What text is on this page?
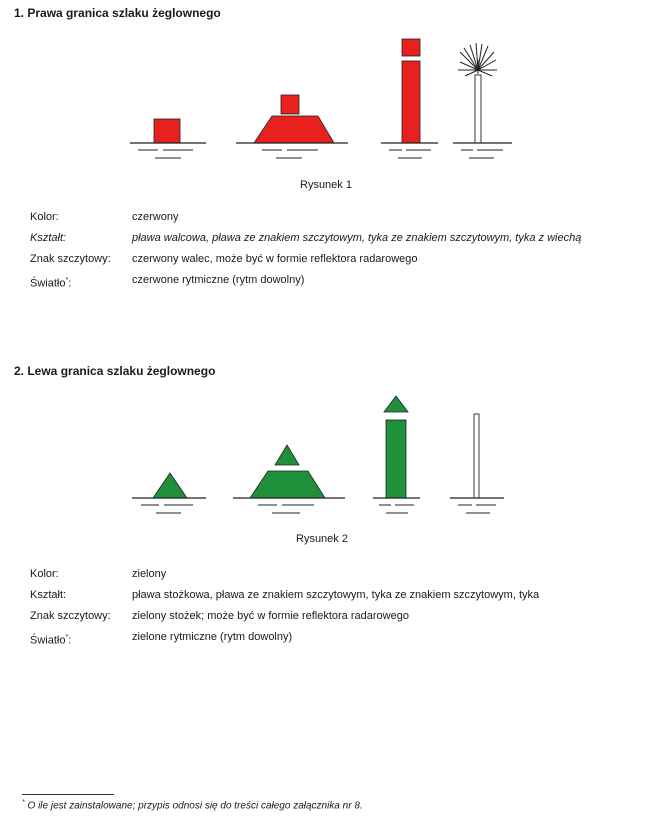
1. Prawa granica szlaku żeglownego
Rysunek 1
Kolor:	czerwony
Kształt:	pława walcowa, pława ze znakiem szczytowym, tyka ze znakiem szczytowym, tyka z wiechą
Znak szczytowy:	czerwony walec, może być w formie reflektora radarowego
Światło*:	czerwone rytmiczne (rytm dowolny)
2. Lewa granica szlaku żeglownego
Rysunek 2
Kolor:	zielony
Kształt:	pława stożkowa, pława ze znakiem szczytowym, tyka ze znakiem szczytowym, tyka
Znak szczytowy:	zielony stożek; może być w formie reflektora radarowego
Światło*:	zielone rytmiczne (rytm dowolny)
* O ile jest zainstalowane; przypis odnosi się do treści całego załącznika nr 8.
